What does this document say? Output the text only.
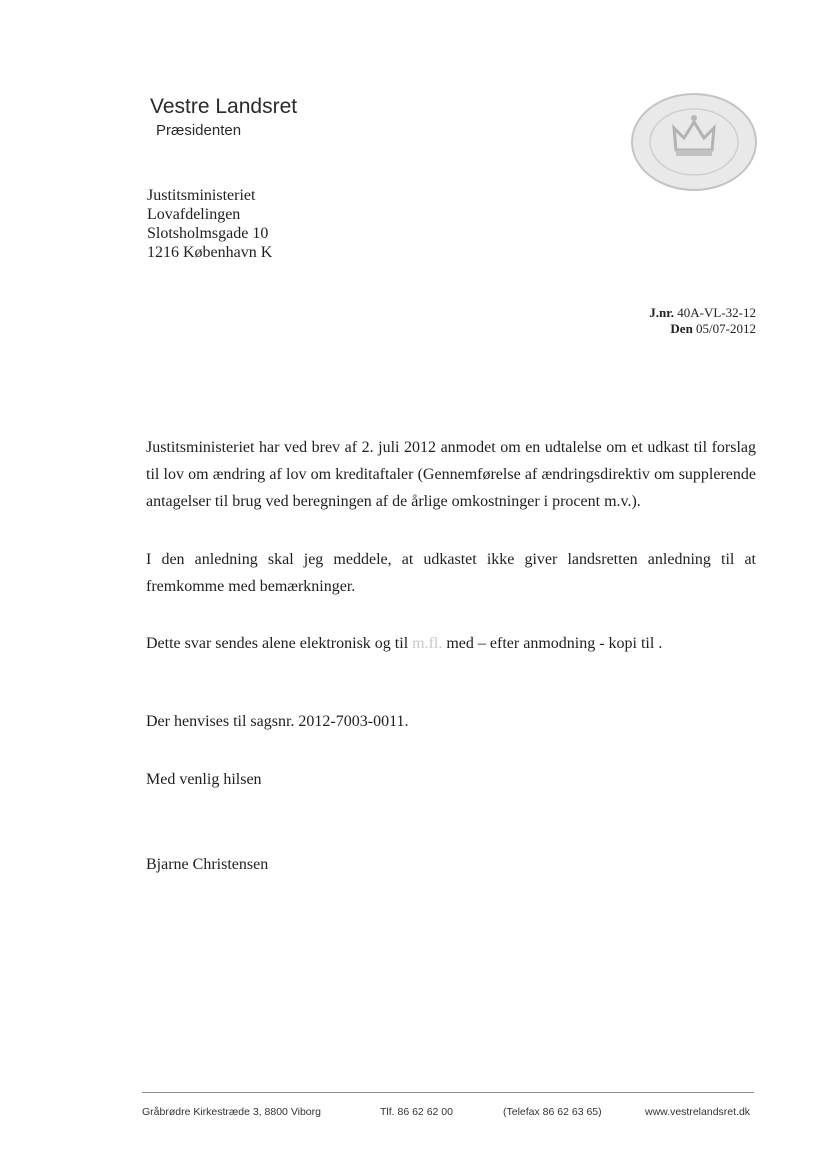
Vestre Landsret
Præsidenten
Justitsministeriet
Lovafdelingen
Slotsholmsgade 10
1216 København K
J.nr. 40A-VL-32-12
Den 05/07-2012
Justitsministeriet har ved brev af 2. juli 2012 anmodet om en udtalelse om et udkast til forslag til lov om ændring af lov om kreditaftaler (Gennemførelse af ændringsdirektiv om supplerende antagelser til brug ved beregningen af de årlige omkostninger i procent m.v.).
I den anledning skal jeg meddele, at udkastet ikke giver landsretten anledning til at fremkomme med bemærkninger.
Dette svar sendes alene elektronisk og til m.fl. med – efter anmodning - kopi til .
Der henvises til sagsnr. 2012-7003-0011.
Med venlig hilsen
Bjarne Christensen
Gråbrødre Kirkestræde 3, 8800 Viborg	Tlf. 86 62 62 00	(Telefax 86 62 63 65)	www.vestrelandsret.dk
